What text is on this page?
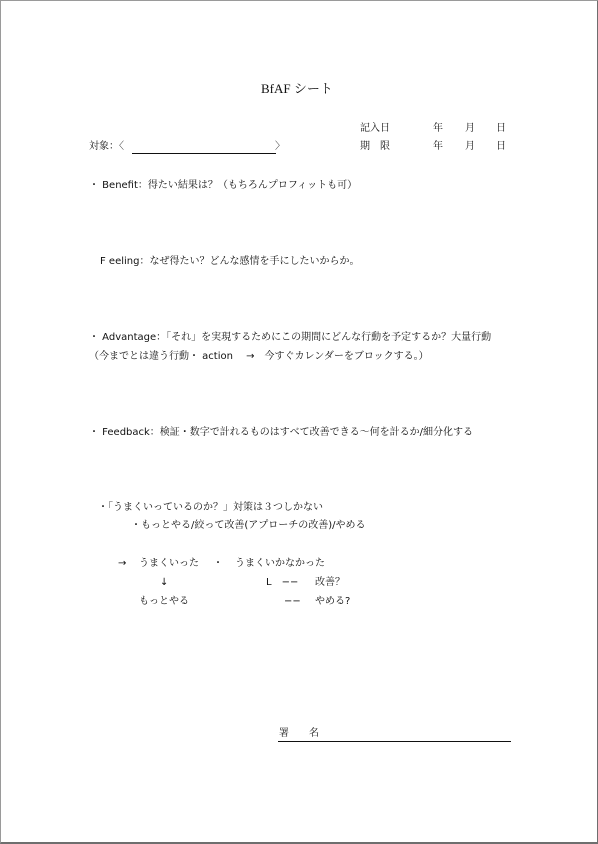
BfAF シート
記入日	年 月 日
期　限	年 月 日
対象：〈	〉
・ Benefit：得たい結果は？（もちろんプロフィットも可）
F eeling：なぜ得たい？どんな感情を手にしたいからか。
・ Advantage：「それ」を実現するためにこの期間にどんな行動を予定するか？大量行動
（今までとは違う行動・ action　 →　今すぐカレンダーをブロックする。）
・ Feedback：検証・数字で計れるものはすべて改善できる〜何を計るか/細分化する
・「うまくいっているのか？」対策は３つしかない
・もっとやる/絞って改善(アプローチの改善)/やめる
→ うまくいった ・ うまくいかなかった
↓	L　−− 改善？
もっとやる	−− やめる?
署　　名
